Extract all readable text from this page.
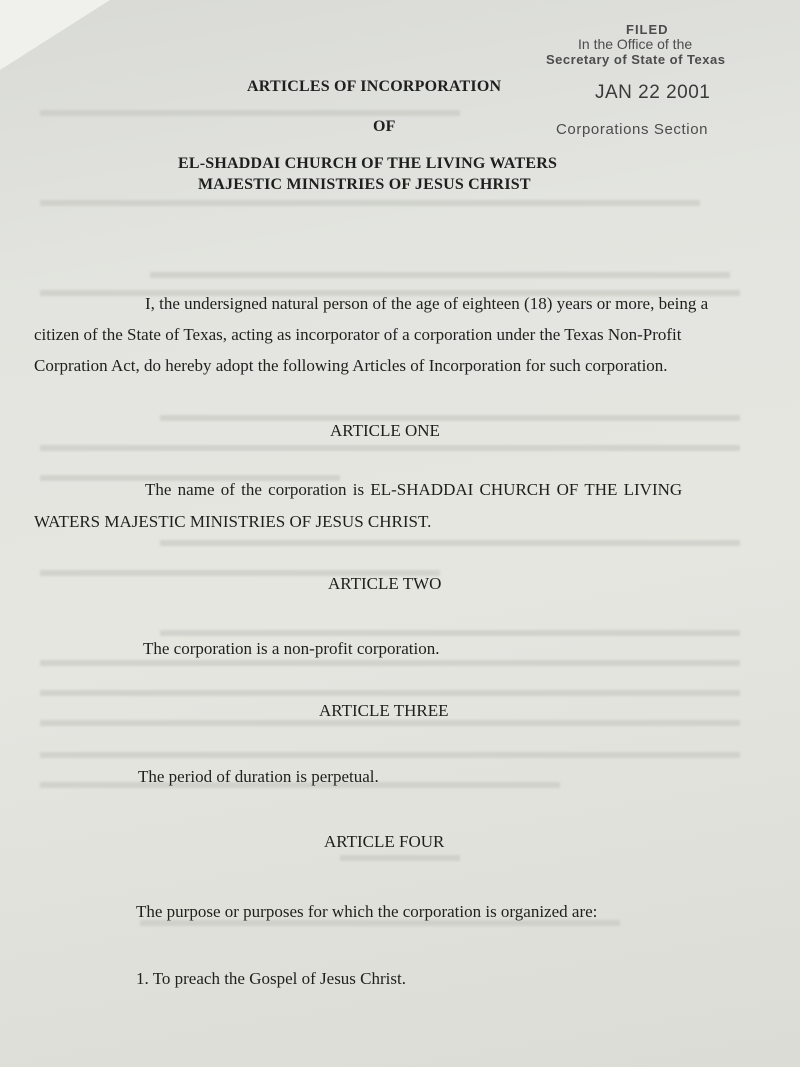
FILED
In the Office of the
Secretary of State of Texas
JAN 22 2001
Corporations Section
ARTICLES OF INCORPORATION
OF
EL-SHADDAI CHURCH OF THE LIVING WATERS
MAJESTIC MINISTRIES OF JESUS CHRIST
I, the undersigned natural person of the age of eighteen (18) years or more, being a
citizen of the State of Texas, acting as incorporator of a corporation under the Texas Non-Profit
Corpration Act, do hereby adopt the following Articles of Incorporation for such corporation.
ARTICLE ONE
The name of the corporation is EL-SHADDAI CHURCH OF THE LIVING
WATERS MAJESTIC MINISTRIES OF JESUS CHRIST.
ARTICLE TWO
The corporation is a non-profit corporation.
ARTICLE THREE
The period of duration is perpetual.
ARTICLE FOUR
The purpose or purposes for which the corporation is organized are:
1. To preach the Gospel of Jesus Christ.
